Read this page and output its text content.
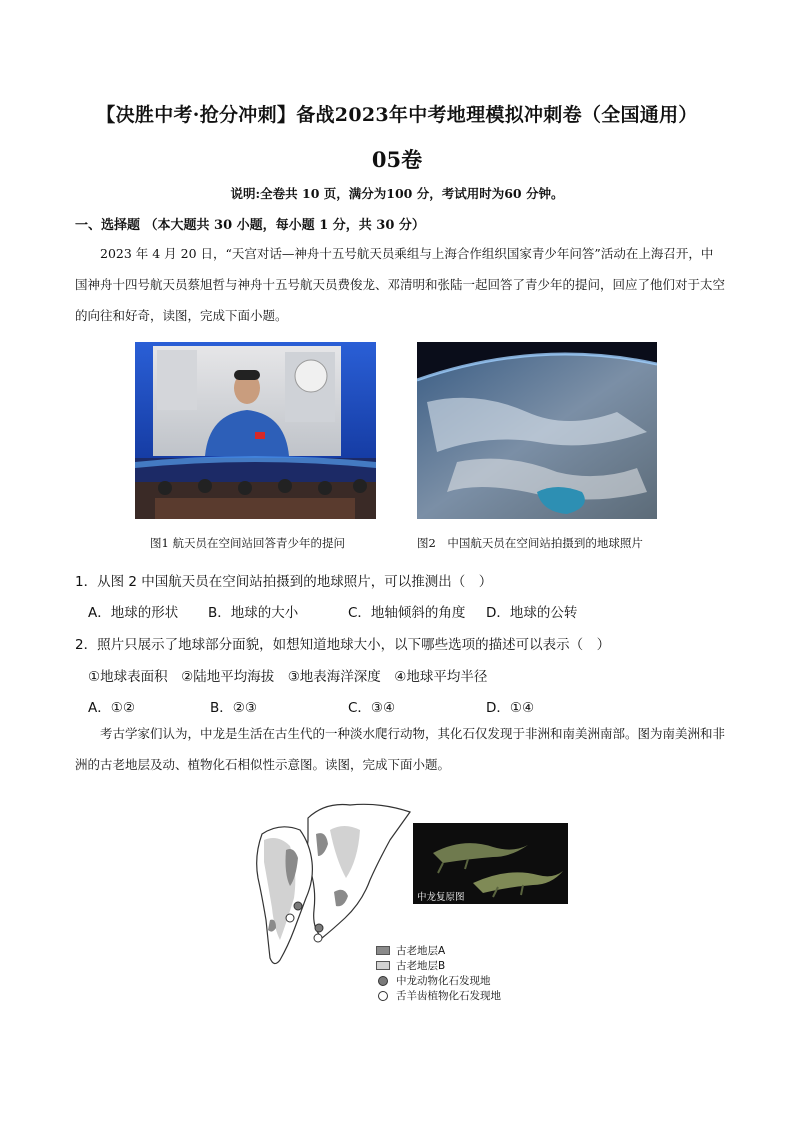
【决胜中考·抢分冲刺】备战2023年中考地理模拟冲刺卷（全国通用）
05卷
说明:全卷共 10 页，满分为100 分，考试用时为60 分钟。
一、选择题 （本大题共 30 小题，每小题 1 分，共 30 分）
2023 年 4 月 20 日，“天宫对话—神舟十五号航天员乘组与上海合作组织国家青少年问答”活动在上海召开，中国神舟十四号航天员蔡旭哲与神舟十五号航天员费俊龙、邓清明和张陆一起回答了青少年的提问，回应了他们对于太空的向往和好奇，读图，完成下面小题。
图1 航天员在空间站回答青少年的提问	图2　中国航天员在空间站拍摄到的地球照片
1．从图 2 中国航天员在空间站拍摄到的地球照片，可以推测出（　）
A．地球的形状	B．地球的大小	C．地轴倾斜的角度	D．地球的公转
2．照片只展示了地球部分面貌，如想知道地球大小，以下哪些选项的描述可以表示（　）
①地球表面积　②陆地平均海拔　③地表海洋深度　④地球平均半径
A．①②	B．②③	C．③④	D．①④
考古学家们认为，中龙是生活在古生代的一种淡水爬行动物，其化石仅发现于非洲和南美洲南部。图为南美洲和非洲的古老地层及动、植物化石相似性示意图。读图，完成下面小题。
中龙复原图
古老地层A
古老地层B
中龙动物化石发现地
舌羊齿植物化石发现地
